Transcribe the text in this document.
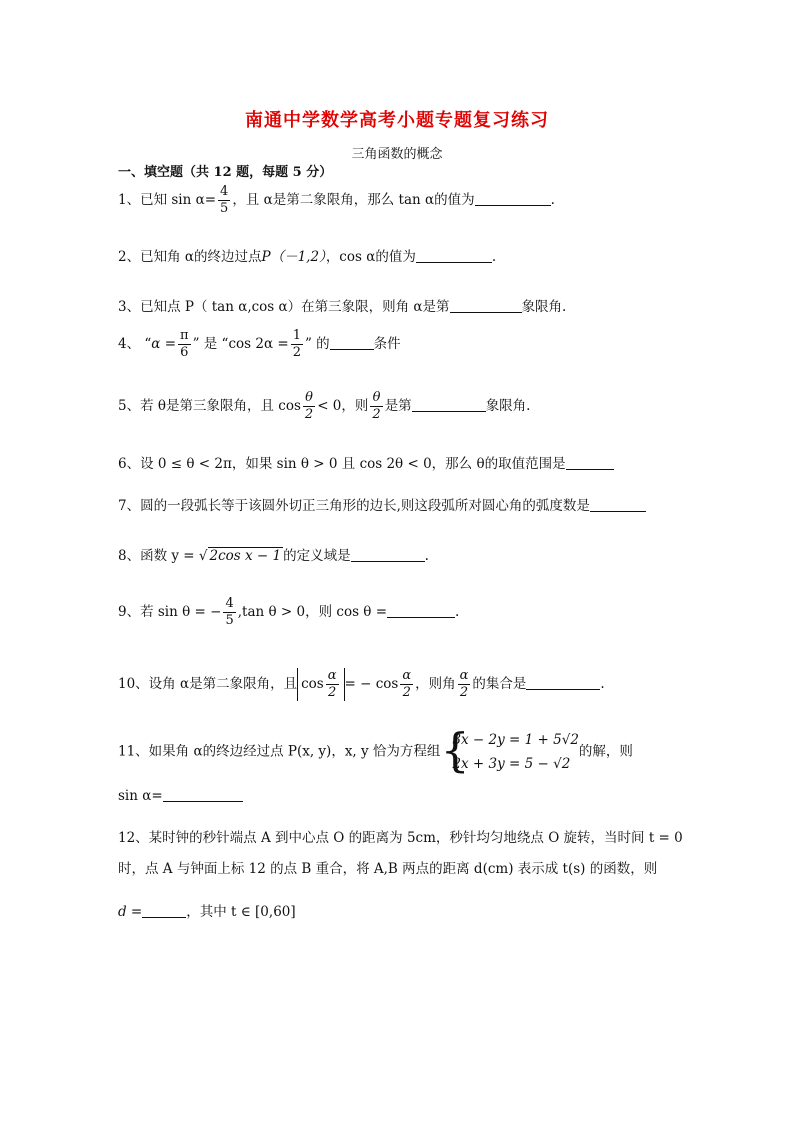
南通中学数学高考小题专题复习练习
三角函数的概念
一、填空题（共 12 题，每题 5 分）
1、已知 $\sin \alpha= \frac{4}{5}$ ，且 α是第二象限角，那么 tan α的值为	.
2、已知角 α的终边过点P（－1,2），cos α的值为	.
3、已知点 P（ tan α,cos α）在第三象限，则角 α是第	象限角.
4、 “$\alpha = \frac{\pi}{6}$ ” 是 “cos $2\alpha = \frac{1}{2}$ ” 的	条件
5、若 θ是第三象限角，且 $\cos \frac{\theta}{2} < 0$，则 $\frac{\theta}{2}$ 是第	象限角.
6、设 0 ≤ θ < 2π，如果 sin θ > 0 且 cos 2θ < 0，那么 θ的取值范围是
7、圆的一段弧长等于该圆外切正三角形的边长,则这段弧所对圆心角的弧度数是
8、函数 y = √ 2cos x − 1 的定义域是	.
9、若 sin θ = − $\frac{4}{5} ,\tan$ θ > 0，则 cos θ =	.
10、设角 α是第二象限角，且 $\cos \frac{\alpha}{2}$ = − $\cos \frac{\alpha}{2}$ ，则角 $\frac{\alpha}{2}$ 的集合是	.
11、如果角 α的终边经过点 P(x, y)，x, y 恰为方程组 {
3x − 2y = 1 + 5√2
2x + 3y = 5 − √2
的解，则
sin α=
12、某时钟的秒针端点 A 到中心点 O 的距离为 5cm，秒针均匀地绕点 O 旋转，当时间 t = 0
时，点 A 与钟面上标 12 的点 B 重合，将 A,B 两点的距离 d(cm) 表示成 t(s) 的函数，则
d =	，其中 t ∈ [0,60]
